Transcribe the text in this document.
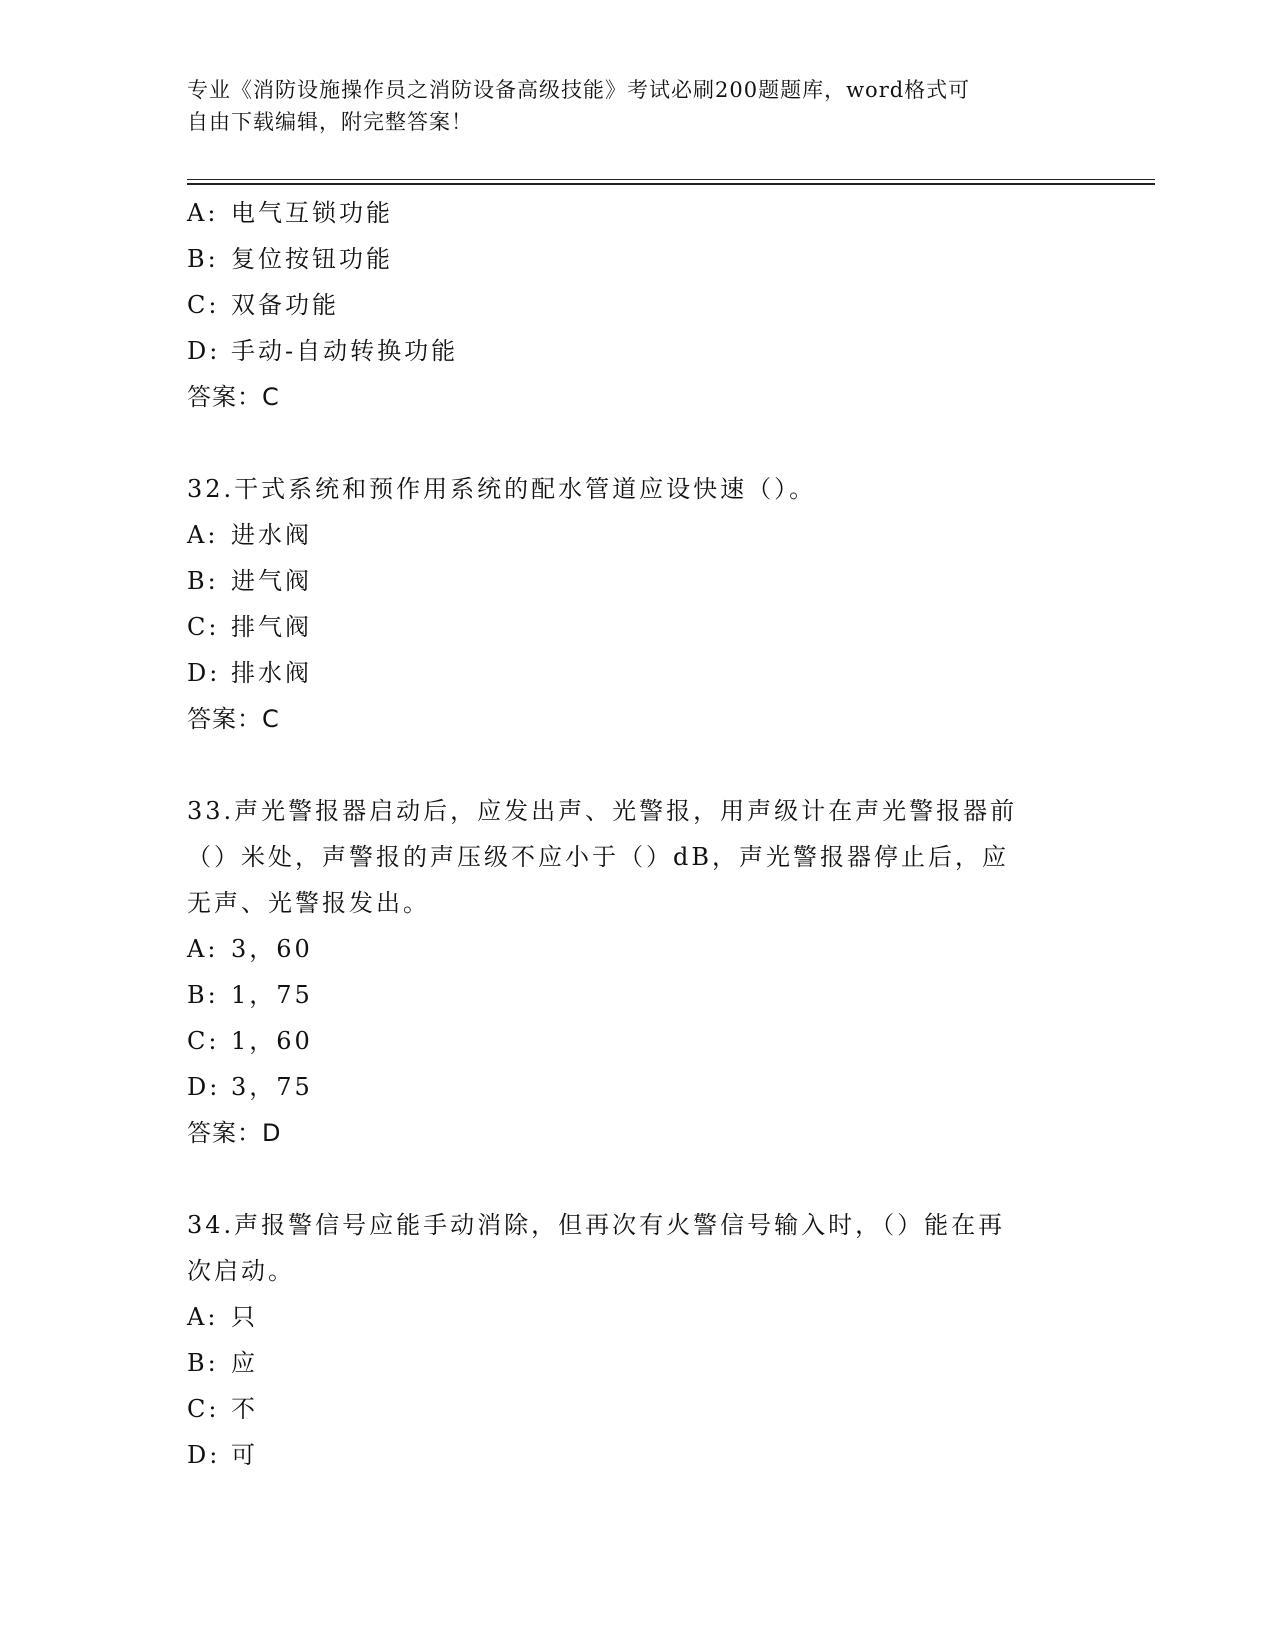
专业《消防设施操作员之消防设备高级技能》考试必刷200题题库，word格式可
自由下载编辑，附完整答案！
A: 电气互锁功能
B: 复位按钮功能
C: 双备功能
D: 手动-自动转换功能
答案：C
32.干式系统和预作用系统的配水管道应设快速（）。
A: 进水阀
B: 进气阀
C: 排气阀
D: 排水阀
答案：C
33.声光警报器启动后，应发出声、光警报，用声级计在声光警报器前
（）米处，声警报的声压级不应小于（）dB，声光警报器停止后，应
无声、光警报发出。
A: 3，60
B: 1，75
C: 1，60
D: 3，75
答案：D
34.声报警信号应能手动消除，但再次有火警信号输入时，（）能在再
次启动。
A: 只
B: 应
C: 不
D: 可
